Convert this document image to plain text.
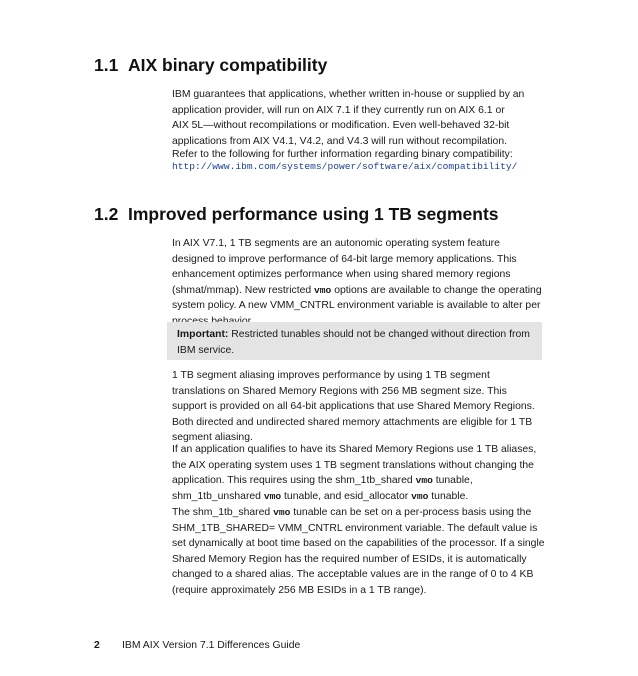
1.1 AIX binary compatibility
IBM guarantees that applications, whether written in-house or supplied by an
application provider, will run on AIX 7.1 if they currently run on AIX 6.1 or
AIX 5L—without recompilations or modification. Even well-behaved 32-bit
applications from AIX V4.1, V4.2, and V4.3 will run without recompilation.
Refer to the following for further information regarding binary compatibility:
http://www.ibm.com/systems/power/software/aix/compatibility/
1.2 Improved performance using 1 TB segments
In AIX V7.1, 1 TB segments are an autonomic operating system feature
designed to improve performance of 64-bit large memory applications. This
enhancement optimizes performance when using shared memory regions
(shmat/mmap). New restricted vmo options are available to change the operating
system policy. A new VMM_CNTRL environment variable is available to alter per
Important: Restricted tunables should not be changed without direction from
IBM service.
1 TB segment aliasing improves performance by using 1 TB segment
translations on Shared Memory Regions with 256 MB segment size. This
support is provided on all 64-bit applications that use Shared Memory Regions.
Both directed and undirected shared memory attachments are eligible for 1 TB
segment aliasing.
If an application qualifies to have its Shared Memory Regions use 1 TB aliases,
the AIX operating system uses 1 TB segment translations without changing the
application. This requires using the shm_1tb_shared vmo tunable,
shm_1tb_unshared vmo tunable, and esid_allocator vmo tunable.
The shm_1tb_shared vmo tunable can be set on a per-process basis using the
SHM_1TB_SHARED= VMM_CNTRL environment variable. The default value is
set dynamically at boot time based on the capabilities of the processor. If a single
Shared Memory Region has the required number of ESIDs, it is automatically
changed to a shared alias. The acceptable values are in the range of 0 to 4 KB
(require approximately 256 MB ESIDs in a 1 TB range).
2 IBM AIX Version 7.1 Differences Guide
